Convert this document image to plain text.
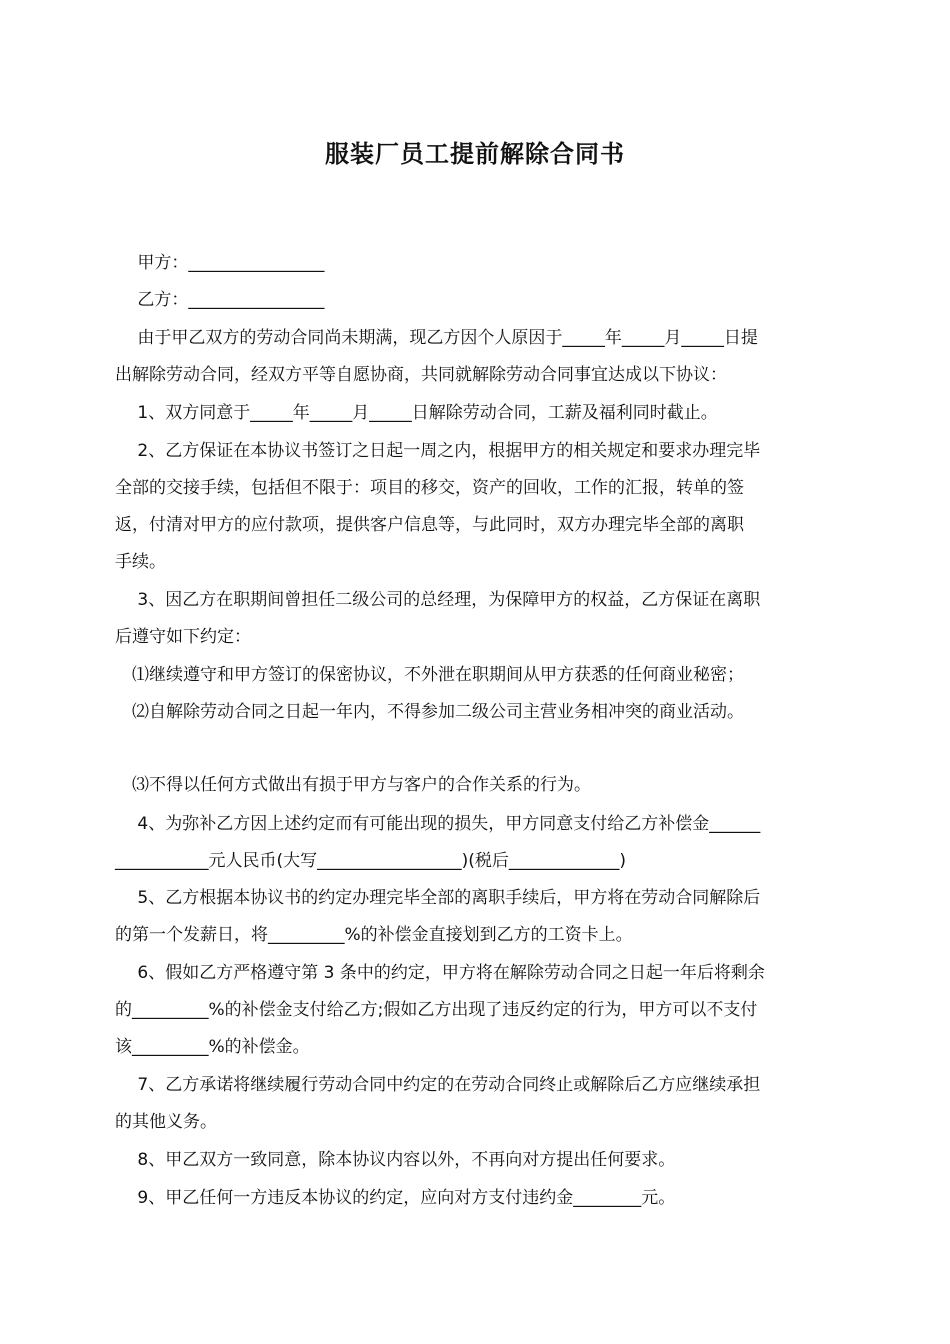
服装厂员工提前解除合同书

　 甲方：________________

　 乙方：________________

　 由于甲乙双方的劳动合同尚未期满，现乙方因个人原因于_____年_____月_____日提

出解除劳动合同，经双方平等自愿协商，共同就解除劳动合同事宜达成以下协议：

　 1、双方同意于_____年_____月_____日解除劳动合同，工薪及福利同时截止。

　 2、乙方保证在本协议书签订之日起一周之内，根据甲方的相关规定和要求办理完毕

全部的交接手续，包括但不限于：项目的移交，资产的回收，工作的汇报，转单的签

返，付清对甲方的应付款项，提供客户信息等，与此同时，双方办理完毕全部的离职

手续。

　 3、因乙方在职期间曾担任二级公司的总经理，为保障甲方的权益，乙方保证在离职

后遵守如下约定：

　⑴继续遵守和甲方签订的保密协议，不外泄在职期间从甲方获悉的任何商业秘密；

　⑵自解除劳动合同之日起一年内，不得参加二级公司主营业务相冲突的商业活动。

　⑶不得以任何方式做出有损于甲方与客户的合作关系的行为。

　 4、为弥补乙方因上述约定而有可能出现的损失，甲方同意支付给乙方补偿金______

___________元人民币(大写_________________)(税后_____________)

　 5、乙方根据本协议书的约定办理完毕全部的离职手续后，甲方将在劳动合同解除后

的第一个发薪日，将_________%的补偿金直接划到乙方的工资卡上。

　 6、假如乙方严格遵守第 3 条中的约定，甲方将在解除劳动合同之日起一年后将剩余

的_________%的补偿金支付给乙方;假如乙方出现了违反约定的行为，甲方可以不支付

该_________%的补偿金。

　 7、乙方承诺将继续履行劳动合同中约定的在劳动合同终止或解除后乙方应继续承担

的其他义务。

　 8、甲乙双方一致同意，除本协议内容以外，不再向对方提出任何要求。

　 9、甲乙任何一方违反本协议的约定，应向对方支付违约金________元。
